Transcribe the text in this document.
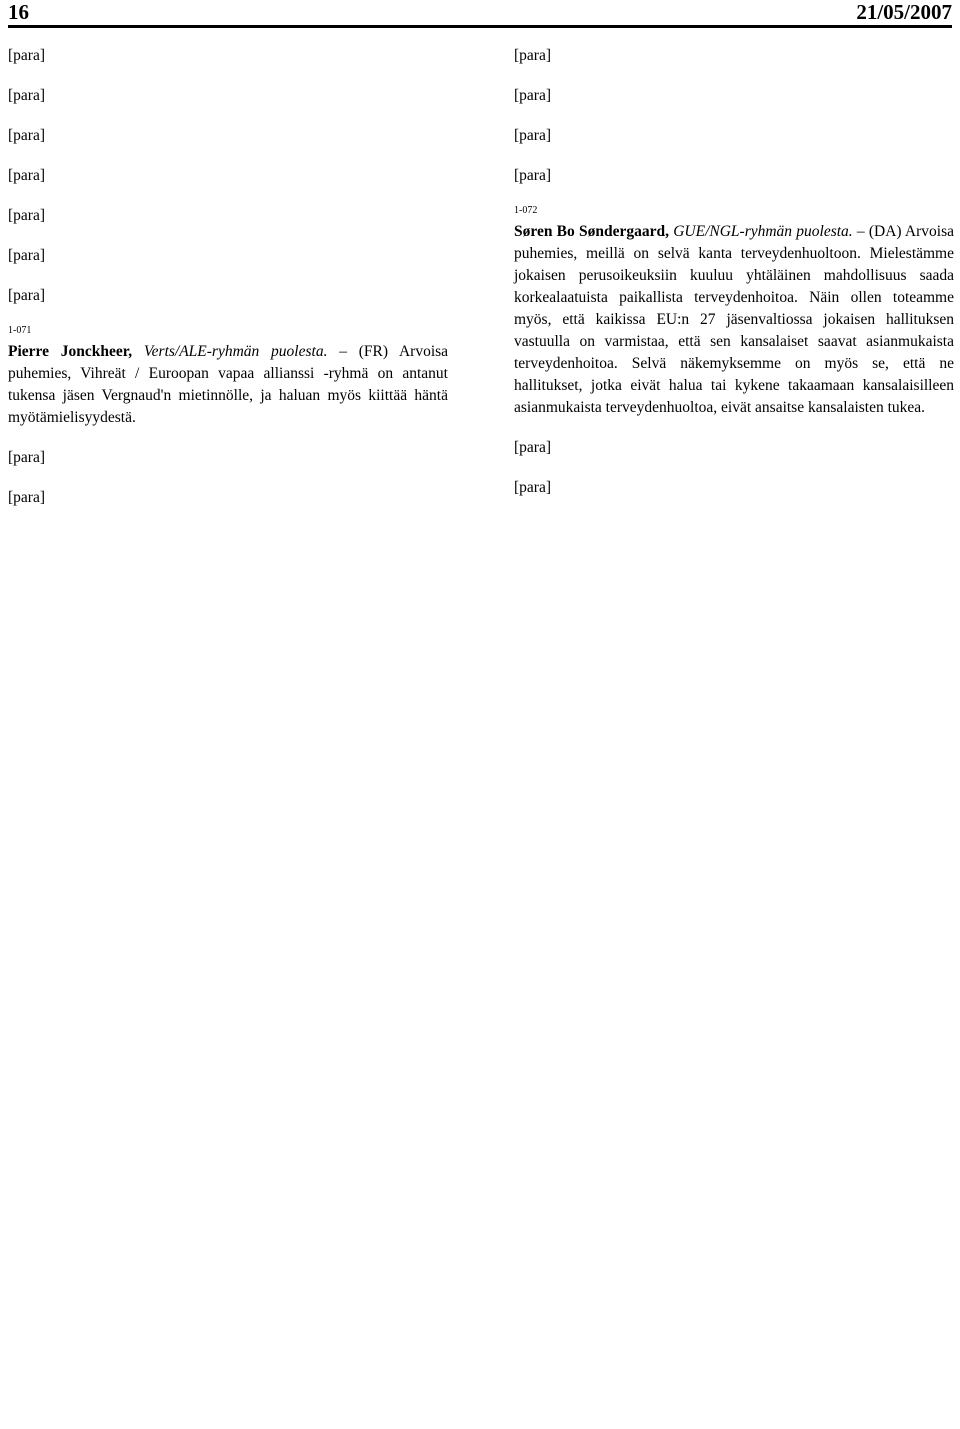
16	21/05/2007

[para]

[para]

[para]

[para]

[para]

[para]

[para]

1-071

Pierre Jonckheer, Verts/ALE-ryhmän puolesta. – (FR) Arvoisa puhemies, Vihreät / Euroopan vapaa allianssi -ryhmä on antanut tukensa jäsen Vergnaud'n mietinnölle, ja haluan myös kiittää häntä myötämielisyydestä.

[para]

[para]

[para]

[para]

[para]

[para]

1-072

Søren Bo Søndergaard, GUE/NGL-ryhmän puolesta. – (DA) Arvoisa puhemies, meillä on selvä kanta terveydenhuoltoon. Mielestämme jokaisen perusoikeuksiin kuuluu yhtäläinen mahdollisuus saada korkealaatuista paikallista terveydenhoitoa. Näin ollen toteamme myös, että kaikissa EU:n 27 jäsenvaltiossa jokaisen hallituksen vastuulla on varmistaa, että sen kansalaiset saavat asianmukaista terveydenhoitoa. Selvä näkemyksemme on myös se, että ne hallitukset, jotka eivät halua tai kykene takaamaan kansalaisilleen asianmukaista terveydenhuoltoa, eivät ansaitse kansalaisten tukea.

[para]

[para]
